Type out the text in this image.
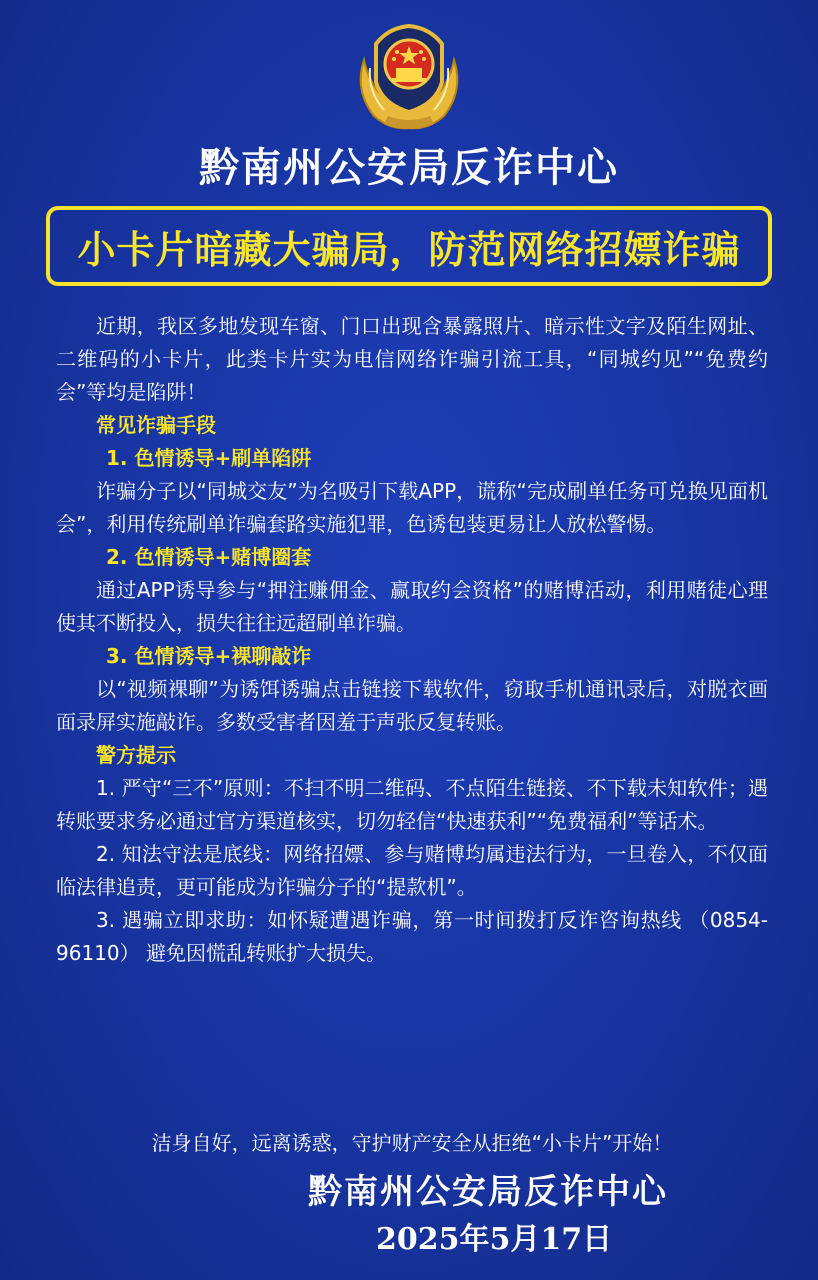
黔南州公安局反诈中心
小卡片暗藏大骗局，防范网络招嫖诈骗

近期，我区多地发现车窗、门口出现含暴露照片、暗示性文字及陌生网址、二维码的小卡片，此类卡片实为电信网络诈骗引流工具，“同城约见”“免费约会”等均是陷阱！

常见诈骗手段

1. 色情诱导+刷单陷阱

诈骗分子以“同城交友”为名吸引下载APP，谎称“完成刷单任务可兑换见面机会”，利用传统刷单诈骗套路实施犯罪，色诱包装更易让人放松警惕。

2. 色情诱导+赌博圈套

通过APP诱导参与“押注赚佣金、赢取约会资格”的赌博活动，利用赌徒心理使其不断投入，损失往往远超刷单诈骗。

3. 色情诱导+裸聊敲诈

以“视频裸聊”为诱饵诱骗点击链接下载软件，窃取手机通讯录后，对脱衣画面录屏实施敲诈。多数受害者因羞于声张反复转账。

警方提示

1. 严守“三不”原则：不扫不明二维码、不点陌生链接、不下载未知软件；遇转账要求务必通过官方渠道核实，切勿轻信“快速获利”“免费福利”等话术。

2. 知法守法是底线：网络招嫖、参与赌博均属违法行为，一旦卷入，不仅面临法律追责，更可能成为诈骗分子的“提款机”。

3. 遇骗立即求助：如怀疑遭遇诈骗，第一时间拨打反诈咨询热线 （0854-96110） 避免因慌乱转账扩大损失。

洁身自好，远离诱惑，守护财产安全从拒绝“小卡片”开始！

黔南州公安局反诈中心
2025年5月17日
